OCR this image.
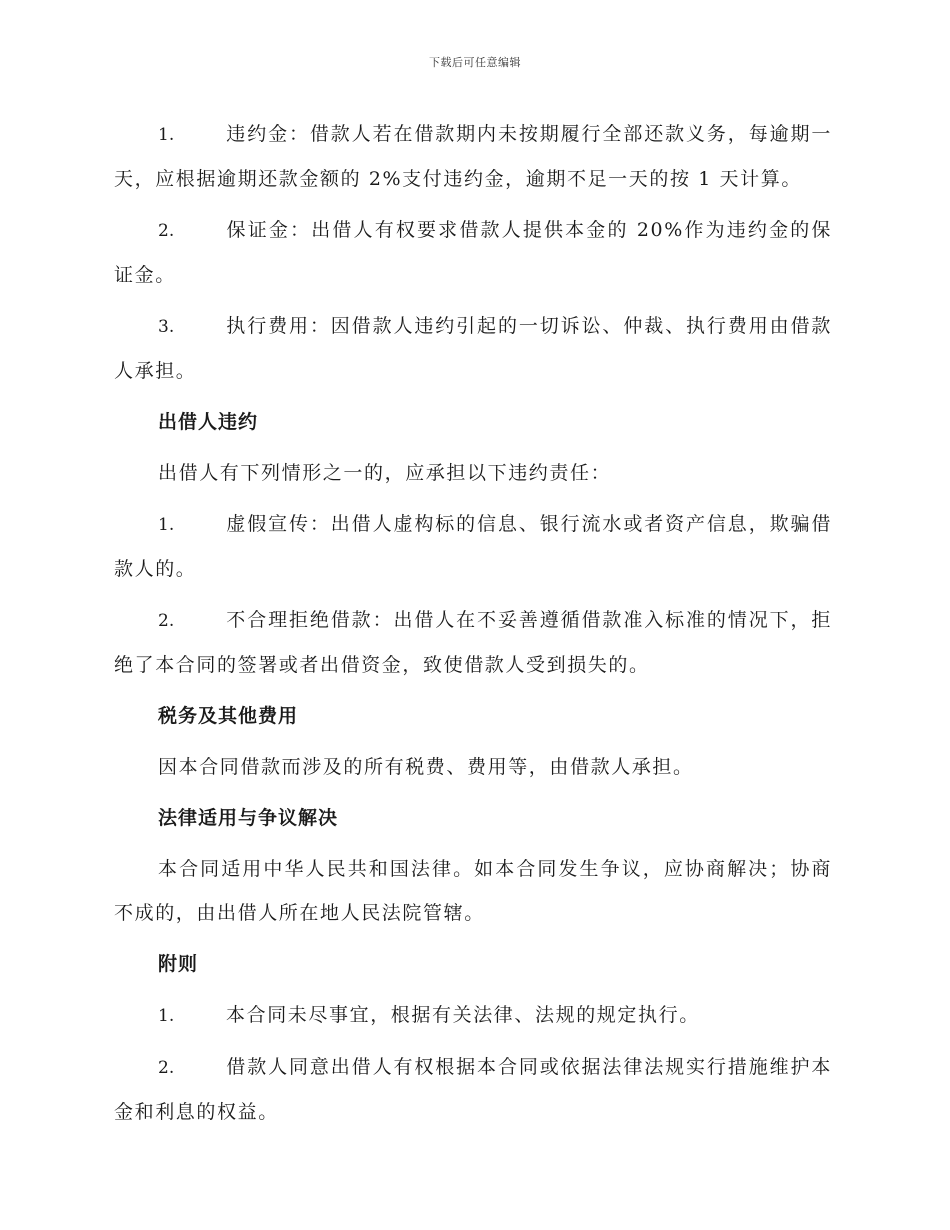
下载后可任意编辑
1.	违约金：借款人若在借款期内未按期履行全部还款义务，每逾期一天，应根据逾期还款金额的 2%支付违约金，逾期不足一天的按 1 天计算。
2.	保证金：出借人有权要求借款人提供本金的 20%作为违约金的保证金。
3.	执行费用：因借款人违约引起的一切诉讼、仲裁、执行费用由借款人承担。
出借人违约
出借人有下列情形之一的，应承担以下违约责任：
1.	虚假宣传：出借人虚构标的信息、银行流水或者资产信息，欺骗借款人的。
2.	不合理拒绝借款：出借人在不妥善遵循借款准入标准的情况下，拒绝了本合同的签署或者出借资金，致使借款人受到损失的。
税务及其他费用
因本合同借款而涉及的所有税费、费用等，由借款人承担。
法律适用与争议解决
本合同适用中华人民共和国法律。如本合同发生争议，应协商解决；协商不成的，由出借人所在地人民法院管辖。
附则
1.	本合同未尽事宜，根据有关法律、法规的规定执行。
2.	借款人同意出借人有权根据本合同或依据法律法规实行措施维护本金和利息的权益。
